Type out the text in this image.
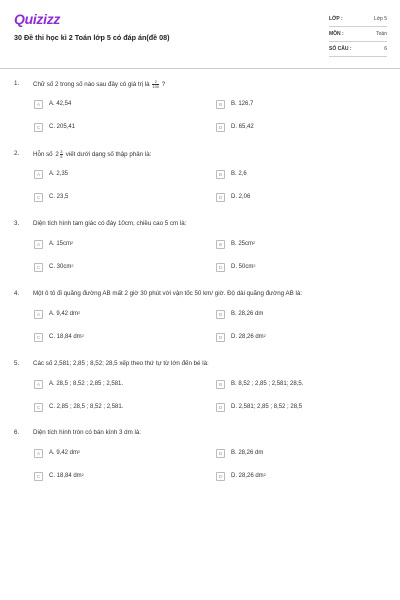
Quizizz
30 Đề thi học kì 2 Toán lớp 5 có đáp án(đề 08)
LỚP :	Lớp 5
MÔN :	Toán
SỐ CÂU :	6
1. Chữ số 2 trong số nào sau đây có giá trị là $\frac{2}{100}$ ?
A	A. 42,54	B	B. 126,7
C	C. 205,41	D	D. 65,42
2. Hỗn số $2 \frac{3}{5}$ viết dưới dạng số thập phân là:
A	A. 2,35	B	B. 2,6
C	C. 23,5	D	D. 2,06
3. Diện tích hình tam giác có đáy 10cm, chiều cao 5 cm là:
A	A. $15cm^2$	B	B. $25cm^2$
C	C. $30cm^2$	D	D. $50cm^2$
4. Một ô tô đi quãng đường AB mất 2 giờ 30 phút với vận tốc 50 km/ giờ. Độ dài quãng đường AB là:
A	A. 9,42 $dm^2$	B	B. 28,26 dm
C	C. 18,84 $dm^2$	D	D. 28,26 $dm^2$
5. Các số 2,581; 2,85 ; 8,52; 28,5 xếp theo thứ tự từ lớn đến bé là:
A	A. 28,5 ; 8,52 ; 2,85 ; 2,581.	B	B. 8,52 ; 2,85 ; 2,581; 28,5.
C	C. 2,85 ; 28,5 ; 8,52 ; 2,581.	D	D. 2,581; 2,85 ; 8,52 ; 28,5
6. Diện tích hình tròn có bán kính 3 dm là:
A	A. 9,42 $dm^2$	B	B. 28,26 dm
C	C. 18,84 $dm^2$	D	D. 28,26 $dm^2$
